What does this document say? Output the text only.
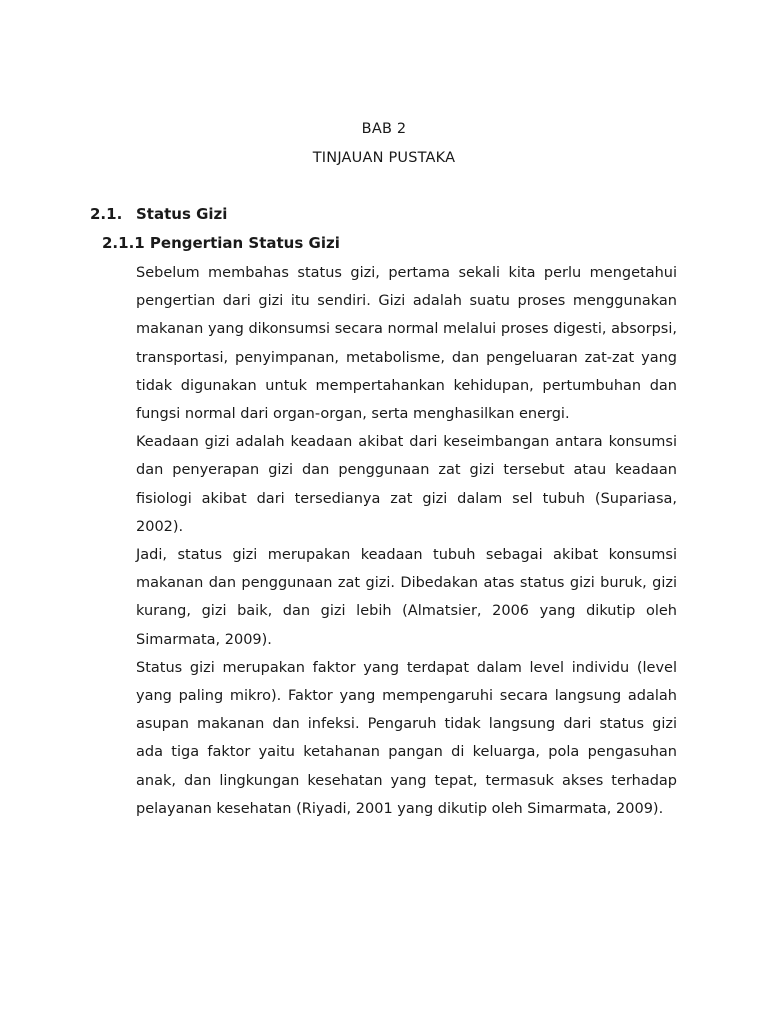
BAB 2
TINJAUAN PUSTAKA
2.1. Status Gizi
2.1.1 Pengertian Status Gizi

Sebelum membahas status gizi, pertama sekali kita perlu mengetahui pengertian dari gizi itu sendiri. Gizi adalah suatu proses menggunakan makanan yang dikonsumsi secara normal melalui proses digesti, absorpsi, transportasi, penyimpanan, metabolisme, dan pengeluaran zat-zat yang tidak digunakan untuk mempertahankan kehidupan, pertumbuhan dan fungsi normal dari organ-organ, serta menghasilkan energi.

Keadaan gizi adalah keadaan akibat dari keseimbangan antara konsumsi dan penyerapan gizi dan penggunaan zat gizi tersebut atau keadaan fisiologi akibat dari tersedianya zat gizi dalam sel tubuh (Supariasa, 2002).

Jadi, status gizi merupakan keadaan tubuh sebagai akibat konsumsi makanan dan penggunaan zat gizi. Dibedakan atas status gizi buruk, gizi kurang, gizi baik, dan gizi lebih (Almatsier, 2006 yang dikutip oleh Simarmata, 2009).

Status gizi merupakan faktor yang terdapat dalam level individu (level yang paling mikro). Faktor yang mempengaruhi secara langsung adalah asupan makanan dan infeksi. Pengaruh tidak langsung dari status gizi ada tiga faktor yaitu ketahanan pangan di keluarga, pola pengasuhan anak, dan lingkungan kesehatan yang tepat, termasuk akses terhadap pelayanan kesehatan (Riyadi, 2001 yang dikutip oleh Simarmata, 2009).
